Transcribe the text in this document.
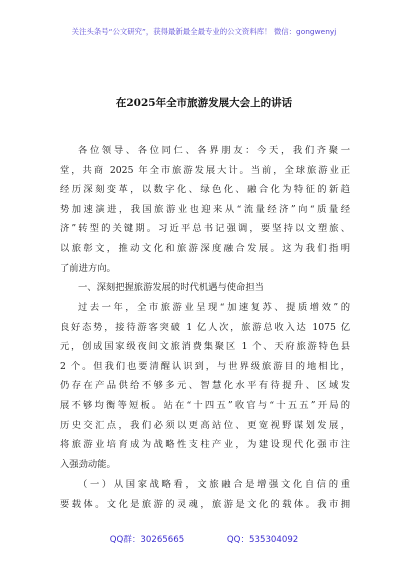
关注头条号“公文研究”，获得最新最全最专业的公文资料库！ 微信：gongwenyj
在2025年全市旅游发展大会上的讲话
各位领导、各位同仁、各界朋友：今天，我们齐聚一
堂，共商 2025 年全市旅游发展大计。当前，全球旅游业正
经历深刻变革，以数字化、绿色化、融合化为特征的新趋
势加速演进，我国旅游业也迎来从“流量经济”向“质量经
济”转型的关键期。习近平总书记强调，要坚持以文塑旅、
以旅彰文，推动文化和旅游深度融合发展。这为我们指明
了前进方向。
一、深刻把握旅游发展的时代机遇与使命担当
过去一年，全市旅游业呈现“加速复苏、提质增效”的
良好态势，接待游客突破 1 亿人次，旅游总收入达 1075 亿
元，创成国家级夜间文旅消费集聚区 1 个、天府旅游特色县
2 个。但我们也要清醒认识到，与世界级旅游目的地相比，
仍存在产品供给不够多元、智慧化水平有待提升、区域发
展不够均衡等短板。站在“十四五”收官与“十五五”开局的
历史交汇点，我们必须以更高站位、更宽视野谋划发展，
将旅游业培育成为战略性支柱产业，为建设现代化强市注
入强劲动能。
（一）从国家战略看，文旅融合是增强文化自信的重
要载体。文化是旅游的灵魂，旅游是文化的载体。我市拥
QQ群：30265665	QQ：535304092
